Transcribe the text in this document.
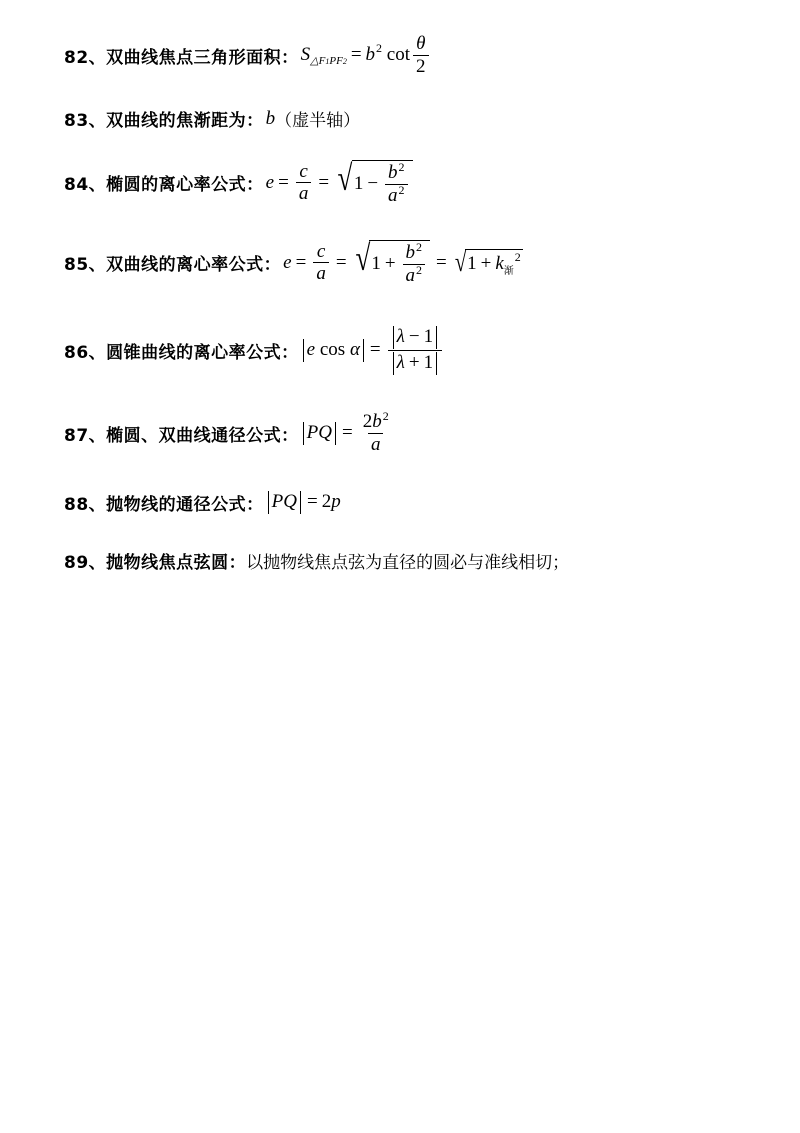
82、双曲线焦点三角形面积： S △F1PF2 = b 2 $\cot \frac{\theta}{2}$
83、双曲线的焦渐距为： b （虚半轴）
84、椭圆的离心率公式： $e = \frac{c}{a}$ = √ $1 - \frac{b^2}{a^2}$
85、双曲线的离心率公式： $e = \frac{c}{a}$ = √ $1 + \frac{b^2}{a^2}$ = √ 1 + k 渐
2
86、圆锥曲线的离心率公式： e $\cos \alpha = \frac{\lambda - 1}{\lambda + 1}$
87、椭圆、双曲线通径公式： PQ = $\frac{2b^2}{a}$
88、抛物线的通径公式： PQ = 2 p
89、抛物线焦点弦圆： 以抛物线焦点弦为直径的圆必与准线相切；
